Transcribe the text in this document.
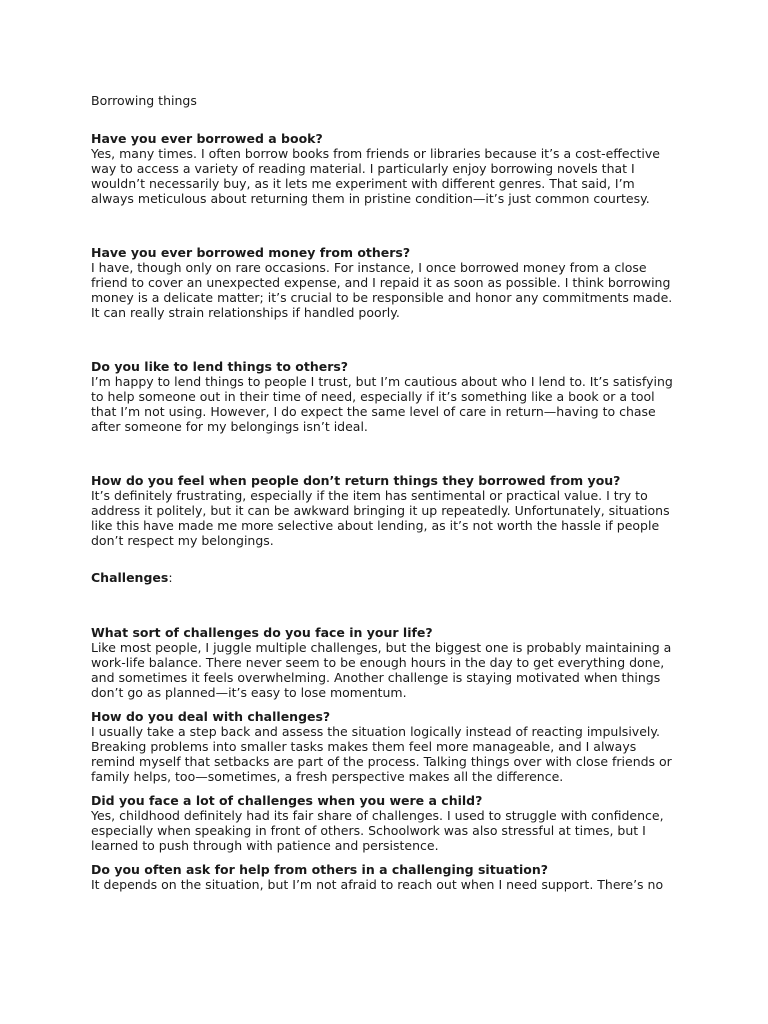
Borrowing things

Have you ever borrowed a book?

Yes, many times. I often borrow books from friends or libraries because it’s a cost-effective
way to access a variety of reading material. I particularly enjoy borrowing novels that I
wouldn’t necessarily buy, as it lets me experiment with different genres. That said, I’m
always meticulous about returning them in pristine condition—it’s just common courtesy.

Have you ever borrowed money from others?

I have, though only on rare occasions. For instance, I once borrowed money from a close
friend to cover an unexpected expense, and I repaid it as soon as possible. I think borrowing
money is a delicate matter; it’s crucial to be responsible and honor any commitments made.
It can really strain relationships if handled poorly.

Do you like to lend things to others?

I’m happy to lend things to people I trust, but I’m cautious about who I lend to. It’s satisfying
to help someone out in their time of need, especially if it’s something like a book or a tool
that I’m not using. However, I do expect the same level of care in return—having to chase
after someone for my belongings isn’t ideal.

How do you feel when people don’t return things they borrowed from you?

It’s definitely frustrating, especially if the item has sentimental or practical value. I try to
address it politely, but it can be awkward bringing it up repeatedly. Unfortunately, situations
like this have made me more selective about lending, as it’s not worth the hassle if people
don’t respect my belongings.

Challenges:

What sort of challenges do you face in your life?

Like most people, I juggle multiple challenges, but the biggest one is probably maintaining a
work-life balance. There never seem to be enough hours in the day to get everything done,
and sometimes it feels overwhelming. Another challenge is staying motivated when things
don’t go as planned—it’s easy to lose momentum.

How do you deal with challenges?

I usually take a step back and assess the situation logically instead of reacting impulsively.
Breaking problems into smaller tasks makes them feel more manageable, and I always
remind myself that setbacks are part of the process. Talking things over with close friends or
family helps, too—sometimes, a fresh perspective makes all the difference.

Did you face a lot of challenges when you were a child?

Yes, childhood definitely had its fair share of challenges. I used to struggle with confidence,
especially when speaking in front of others. Schoolwork was also stressful at times, but I
learned to push through with patience and persistence.

Do you often ask for help from others in a challenging situation?

It depends on the situation, but I’m not afraid to reach out when I need support. There’s no
